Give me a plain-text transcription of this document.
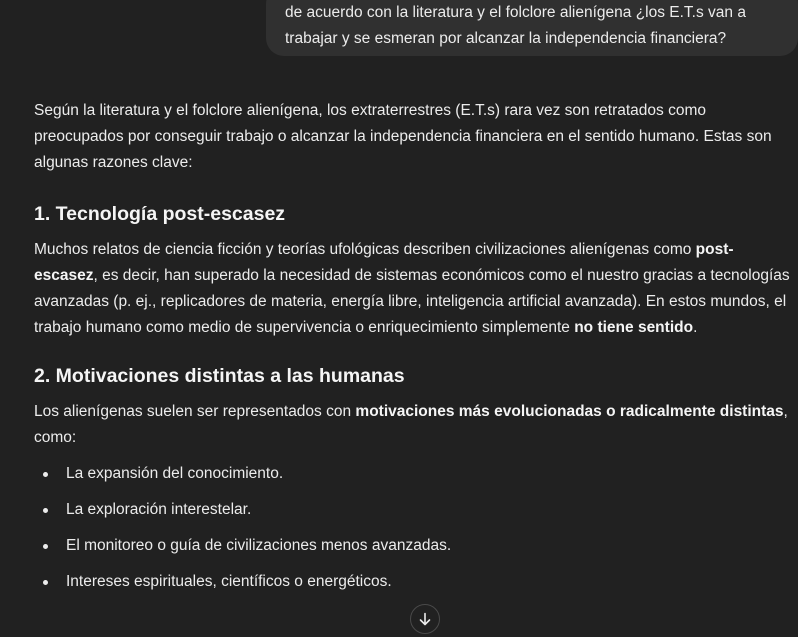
de acuerdo con la literatura y el folclore alienígena ¿los E.T.s van a

trabajar y se esmeran por alcanzar la independencia financiera?

Según la literatura y el folclore alienígena, los extraterrestres (E.T.s) rara vez son retratados como preocupados por conseguir trabajo o alcanzar la independencia financiera en el sentido humano. Estas son algunas razones clave:

1. Tecnología post-escasez

Muchos relatos de ciencia ficción y teorías ufológicas describen civilizaciones alienígenas como post-escasez, es decir, han superado la necesidad de sistemas económicos como el nuestro gracias a tecnologías avanzadas (p. ej., replicadores de materia, energía libre, inteligencia artificial avanzada). En estos mundos, el trabajo humano como medio de supervivencia o enriquecimiento simplemente no tiene sentido.

2. Motivaciones distintas a las humanas

Los alienígenas suelen ser representados con motivaciones más evolucionadas o radicalmente distintas, como:

La expansión del conocimiento.
La exploración interestelar.
El monitoreo o guía de civilizaciones menos avanzadas.
Intereses espirituales, científicos o energéticos.
